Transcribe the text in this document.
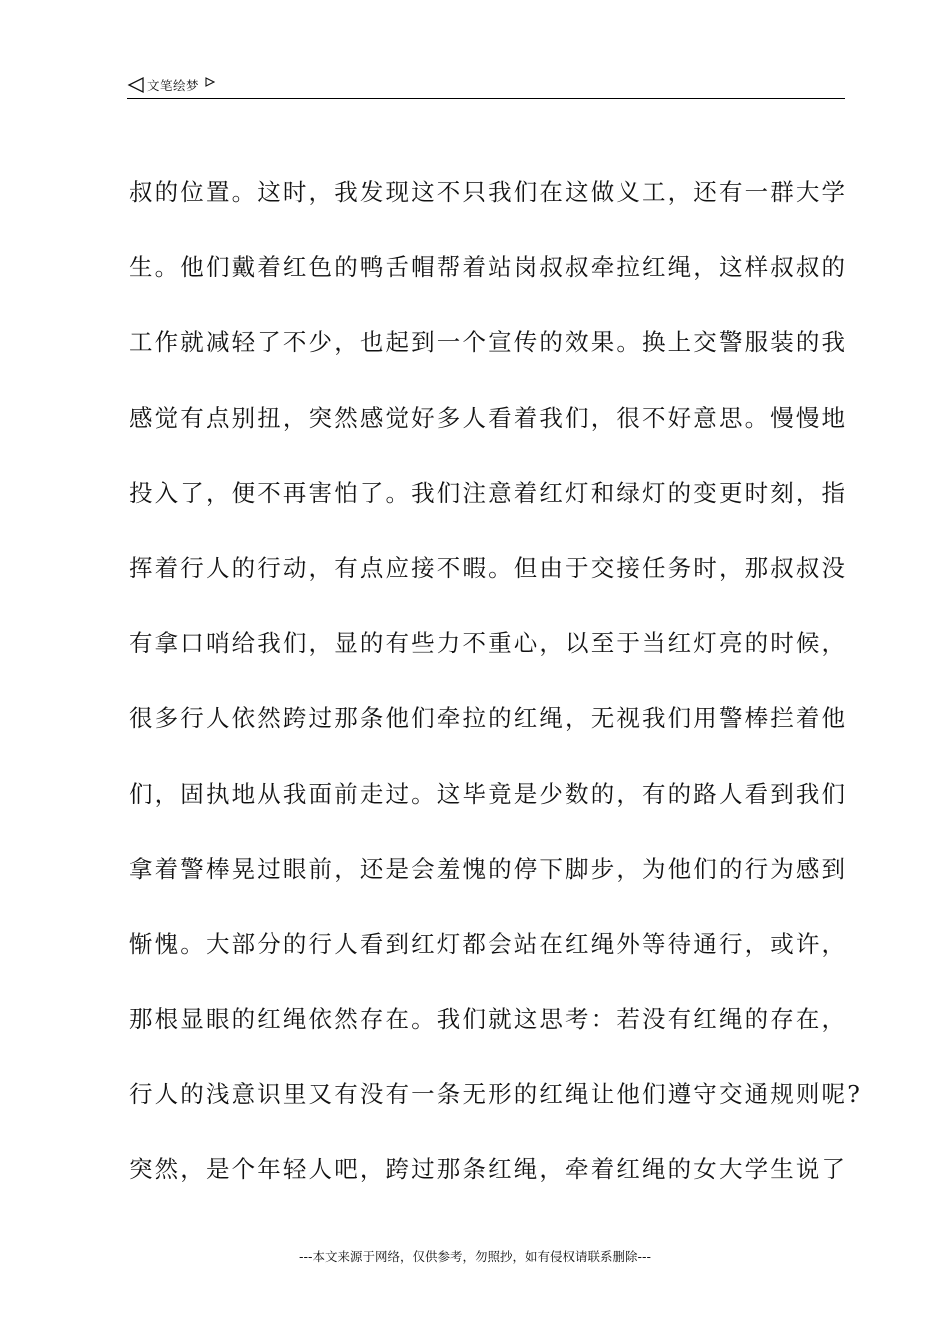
文笔绘梦
叔的位置。这时，我发现这不只我们在这做义工，还有一群大学
生。他们戴着红色的鸭舌帽帮着站岗叔叔牵拉红绳，这样叔叔的
工作就减轻了不少，也起到一个宣传的效果。换上交警服装的我
感觉有点别扭，突然感觉好多人看着我们，很不好意思。慢慢地
投入了，便不再害怕了。我们注意着红灯和绿灯的变更时刻，指
挥着行人的行动，有点应接不暇。但由于交接任务时，那叔叔没
有拿口哨给我们，显的有些力不重心，以至于当红灯亮的时候，
很多行人依然跨过那条他们牵拉的红绳，无视我们用警棒拦着他
们，固执地从我面前走过。这毕竟是少数的，有的路人看到我们
拿着警棒晃过眼前，还是会羞愧的停下脚步，为他们的行为感到
惭愧。大部分的行人看到红灯都会站在红绳外等待通行，或许，
那根显眼的红绳依然存在。我们就这思考：若没有红绳的存在，
行人的浅意识里又有没有一条无形的红绳让他们遵守交通规则呢?
突然，是个年轻人吧，跨过那条红绳，牵着红绳的女大学生说了
---本文来源于网络，仅供参考，勿照抄，如有侵权请联系删除---
